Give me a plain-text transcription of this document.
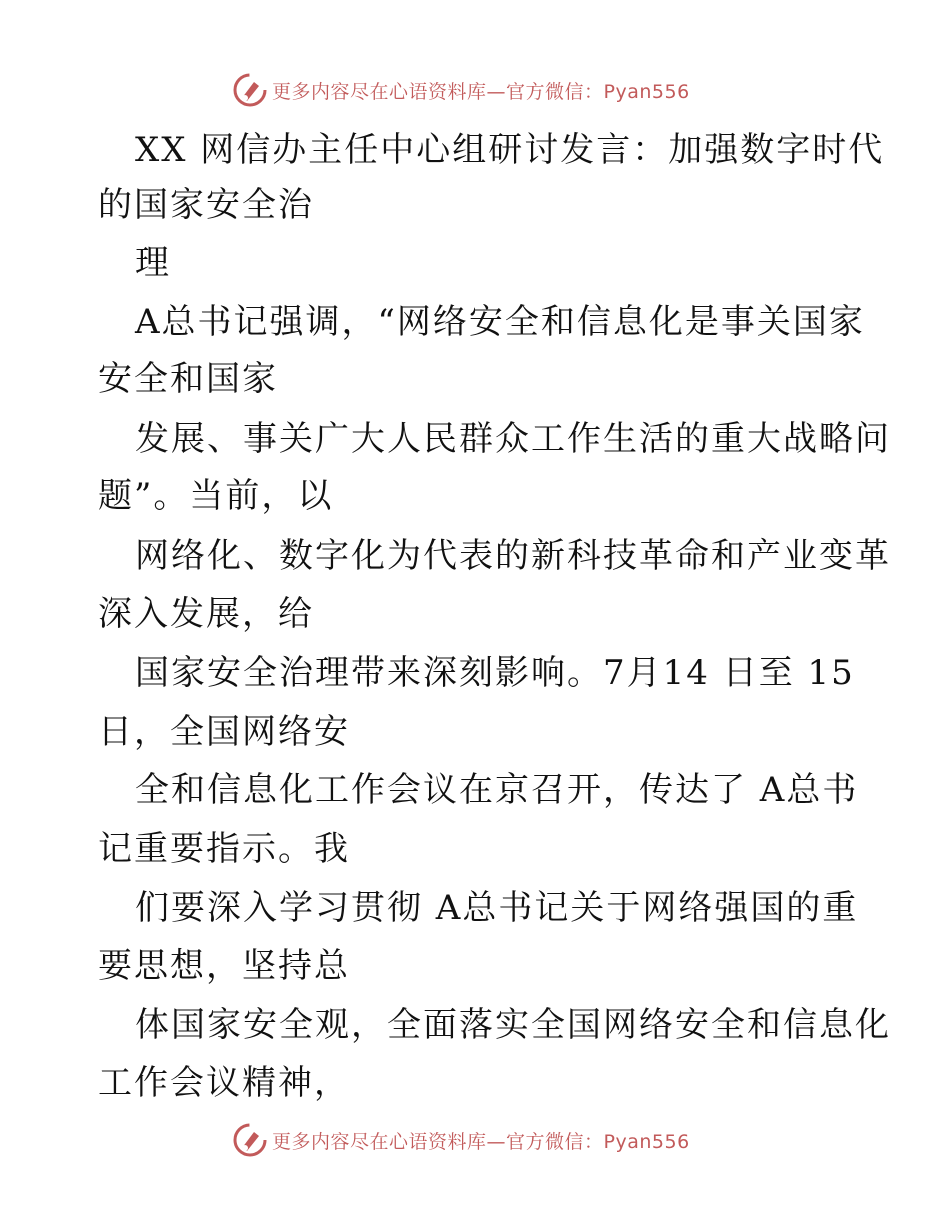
更多内容尽在心语资料库—官方微信：Pyan556
XX 网信办主任中心组研讨发言：加强数字时代
的国家安全治
理
A总书记强调，“网络安全和信息化是事关国家
安全和国家
发展、事关广大人民群众工作生活的重大战略问
题”。当前，以
网络化、数字化为代表的新科技革命和产业变革
深入发展，给
国家安全治理带来深刻影响。7月14 日至 15
日，全国网络安
全和信息化工作会议在京召开，传达了 A总书
记重要指示。我
们要深入学习贯彻 A总书记关于网络强国的重
要思想，坚持总
体国家安全观，全面落实全国网络安全和信息化
工作会议精神，
更多内容尽在心语资料库—官方微信：Pyan556
